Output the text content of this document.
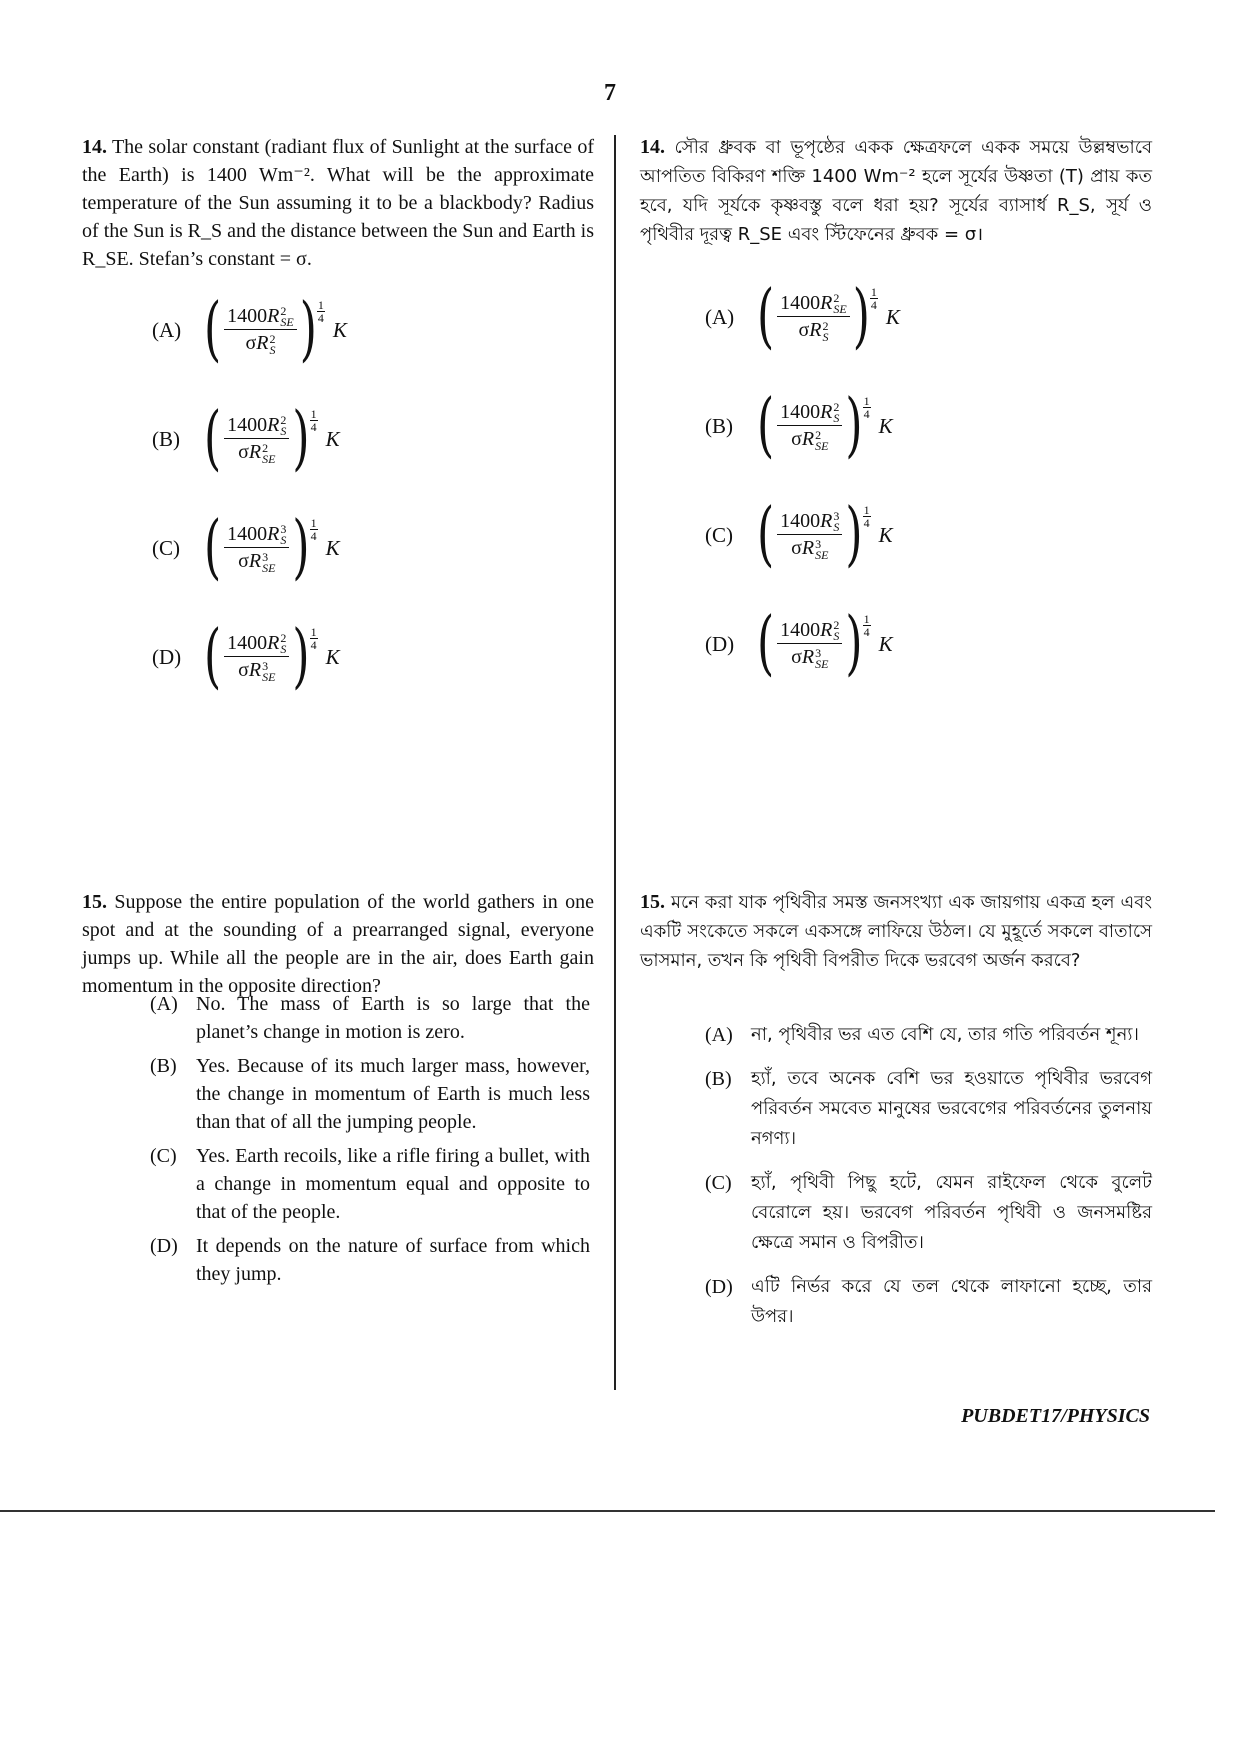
7

14. The solar constant (radiant flux of Sunlight at the surface of the Earth) is 1400 Wm⁻². What will be the approximate temperature of the Sun assuming it to be a blackbody? Radius of the Sun is R_S and the distance between the Sun and Earth is R_SE. Stefan’s constant = σ.

14. সৌর ধ্রুবক বা ভূপৃষ্ঠের একক ক্ষেত্রফলে একক সময়ে উল্লম্বভাবে আপতিত বিকিরণ শক্তি 1400 Wm⁻² হলে সূর্যের উষ্ণতা (T) প্রায় কত হবে, যদি সূর্যকে কৃষ্ণবস্তু বলে ধরা হয়? সূর্যের ব্যাসার্ধ R_S, সূর্য ও পৃথিবীর দূরত্ব R_SE এবং স্টিফেনের ধ্রুবক = σ।

(A) ( 1400R 2
SE
σR 2
S ) $\frac{1}{4}$
K
(B) ( 1400R 2
S
σR 2
SE ) $\frac{1}{4}$
K
(C) ( 1400R 3
S
σR 3
SE ) $\frac{1}{4}$
K
(D) ( 1400R 2
S
σR 3
SE ) $\frac{1}{4}$
K
(A) ( 1400R 2
SE
σR 2
S ) $\frac{1}{4}$
K
(B) ( 1400R 2
S
σR 2
SE ) $\frac{1}{4}$
K
(C) ( 1400R 3
S
σR 3
SE ) $\frac{1}{4}$
K
(D) ( 1400R 2
S
σR 3
SE ) $\frac{1}{4}$
K

15. Suppose the entire population of the world gathers in one spot and at the sounding of a prearranged signal, everyone jumps up. While all the people are in the air, does Earth gain momentum in the opposite direction?

(A) No. The mass of Earth is so large that the planet’s change in motion is zero.
(B) Yes. Because of its much larger mass, however, the change in momentum of Earth is much less than that of all the jumping people.
(C) Yes. Earth recoils, like a rifle firing a bullet, with a change in momentum equal and opposite to that of the people.
(D) It depends on the nature of surface from which they jump.

15. মনে করা যাক পৃথিবীর সমস্ত জনসংখ্যা এক জায়গায় একত্র হল এবং একটি সংকেতে সকলে একসঙ্গে লাফিয়ে উঠল। যে মুহূর্তে সকলে বাতাসে ভাসমান, তখন কি পৃথিবী বিপরীত দিকে ভরবেগ অর্জন করবে?

(A)	না, পৃথিবীর ভর এত বেশি যে, তার গতি পরিবর্তন শূন্য।
(B)	হ্যাঁ, তবে অনেক বেশি ভর হওয়াতে পৃথিবীর ভরবেগ পরিবর্তন সমবেত মানুষের ভরবেগের পরিবর্তনের তুলনায় নগণ্য।
(C)	হ্যাঁ, পৃথিবী পিছু হটে, যেমন রাইফেল থেকে বুলেট বেরোলে হয়। ভরবেগ পরিবর্তন পৃথিবী ও জনসমষ্টির ক্ষেত্রে সমান ও বিপরীত।
(D)	এটি নির্ভর করে যে তল থেকে লাফানো হচ্ছে, তার উপর।
PUBDET17/PHYSICS
